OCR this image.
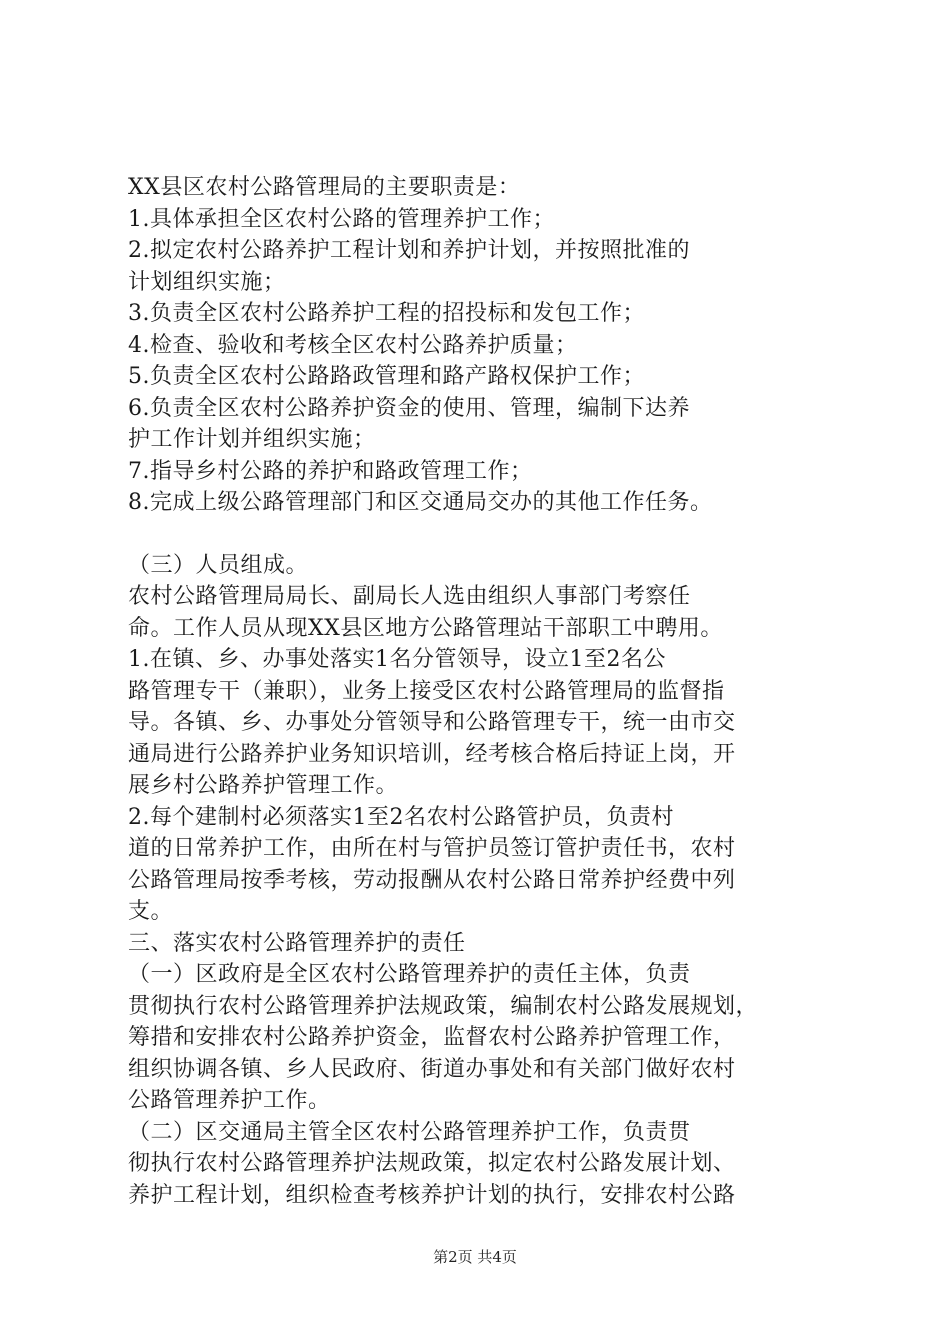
XX县区农村公路管理局的主要职责是：
1.具体承担全区农村公路的管理养护工作；
2.拟定农村公路养护工程计划和养护计划，并按照批准的
计划组织实施；
3.负责全区农村公路养护工程的招投标和发包工作；
4.检查、验收和考核全区农村公路养护质量；
5.负责全区农村公路路政管理和路产路权保护工作；
6.负责全区农村公路养护资金的使用、管理，编制下达养
护工作计划并组织实施；
7.指导乡村公路的养护和路政管理工作；
8.完成上级公路管理部门和区交通局交办的其他工作任务。
（三）人员组成。
农村公路管理局局长、副局长人选由组织人事部门考察任
命。工作人员从现XX县区地方公路管理站干部职工中聘用。
1.在镇、乡、办事处落实1名分管领导，设立1至2名公
路管理专干（兼职），业务上接受区农村公路管理局的监督指
导。各镇、乡、办事处分管领导和公路管理专干，统一由市交
通局进行公路养护业务知识培训，经考核合格后持证上岗，开
展乡村公路养护管理工作。
2.每个建制村必须落实1至2名农村公路管护员，负责村
道的日常养护工作，由所在村与管护员签订管护责任书，农村
公路管理局按季考核，劳动报酬从农村公路日常养护经费中列
支。
三、落实农村公路管理养护的责任
（一）区政府是全区农村公路管理养护的责任主体，负责
贯彻执行农村公路管理养护法规政策，编制农村公路发展规划，
筹措和安排农村公路养护资金，监督农村公路养护管理工作，
组织协调各镇、乡人民政府、街道办事处和有关部门做好农村
公路管理养护工作。
（二）区交通局主管全区农村公路管理养护工作，负责贯
彻执行农村公路管理养护法规政策，拟定农村公路发展计划、
养护工程计划，组织检查考核养护计划的执行，安排农村公路
第2页 共4页
